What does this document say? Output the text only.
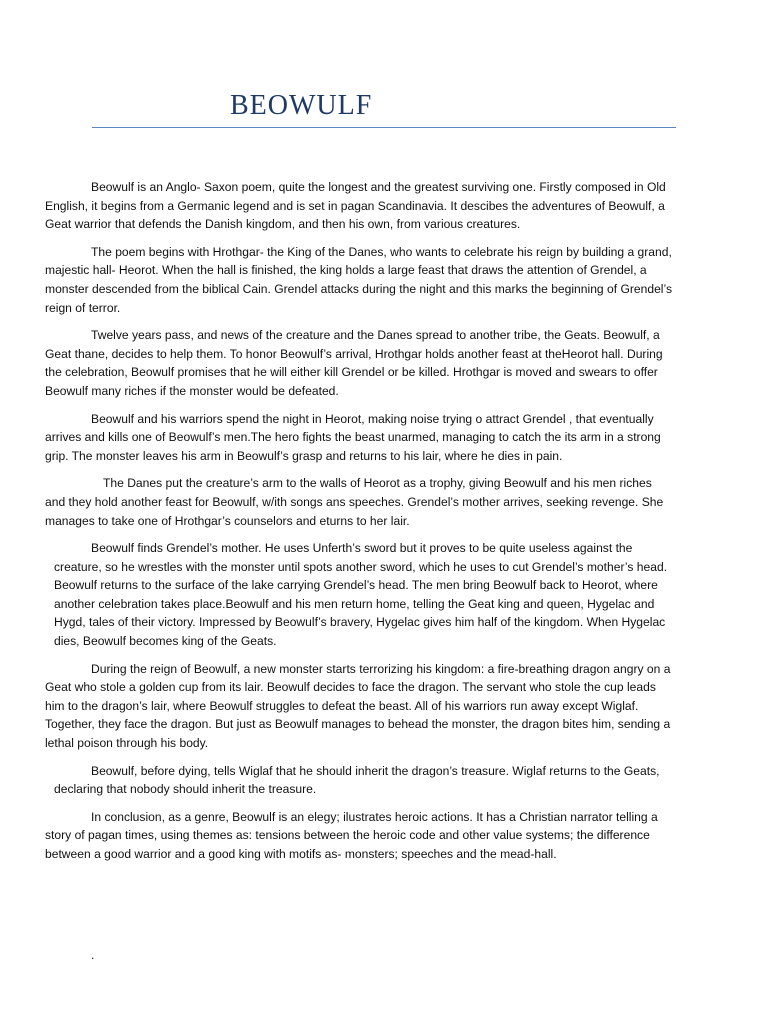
BEOWULF

Beowulf is an Anglo- Saxon poem, quite the longest and the greatest surviving one. Firstly composed in Old English, it begins from a Germanic legend and is set in pagan Scandinavia. It descibes the adventures of Beowulf, a Geat warrior that defends the Danish kingdom, and then his own, from various creatures.

The poem begins with Hrothgar- the King of the Danes, who wants to celebrate his reign by building a grand, majestic hall- Heorot. When the hall is finished, the king holds a large feast that draws the attention of Grendel, a monster descended from the biblical Cain. Grendel attacks during the night and this marks the beginning of Grendel’s reign of terror.

Twelve years pass, and news of the creature and the Danes spread to another tribe, the Geats. Beowulf, a Geat thane, decides to help them. To honor Beowulf’s arrival, Hrothgar holds another feast at theHeorot hall. During the celebration, Beowulf promises that he will either kill Grendel or be killed. Hrothgar is moved and swears to offer Beowulf many riches if the monster would be defeated.

Beowulf and his warriors spend the night in Heorot, making noise trying o attract Grendel , that eventually arrives and kills one of Beowulf’s men.The hero fights the beast unarmed, managing to catch the its arm in a strong grip. The monster leaves his arm in Beowulf’s grasp and returns to his lair, where he dies in pain.

The Danes put the creature’s arm to the walls of Heorot as a trophy, giving Beowulf and his men riches and they hold another feast for Beowulf, w/ith songs ans speeches. Grendel’s mother arrives, seeking revenge. She manages to take one of Hrothgar’s counselors and eturns to her lair.

Beowulf finds Grendel’s mother. He uses Unferth’s sword but it proves to be quite useless against the creature, so he wrestles with the monster until spots another sword, which he uses to cut Grendel’s mother’s head. Beowulf returns to the surface of the lake carrying Grendel’s head. The men bring Beowulf back to Heorot, where another celebration takes place.Beowulf and his men return home, telling the Geat king and queen, Hygelac and Hygd, tales of their victory. Impressed by Beowulf’s bravery, Hygelac gives him half of the kingdom. When Hygelac dies, Beowulf becomes king of the Geats.

During the reign of Beowulf, a new monster starts terrorizing his kingdom: a fire-breathing dragon angry on a Geat who stole a golden cup from its lair. Beowulf decides to face the dragon. The servant who stole the cup leads him to the dragon’s lair, where Beowulf struggles to defeat the beast. All of his warriors run away except Wiglaf. Together, they face the dragon. But just as Beowulf manages to behead the monster, the dragon bites him, sending a lethal poison through his body.

Beowulf, before dying, tells Wiglaf that he should inherit the dragon’s treasure. Wiglaf returns to the Geats, declaring that nobody should inherit the treasure.

In conclusion, as a genre, Beowulf is an elegy; ilustrates heroic actions. It has a Christian narrator telling a story of pagan times, using themes as: tensions between the heroic code and other value systems; the difference between a good warrior and a good king with motifs as- monsters; speeches and the mead-hall.

.
